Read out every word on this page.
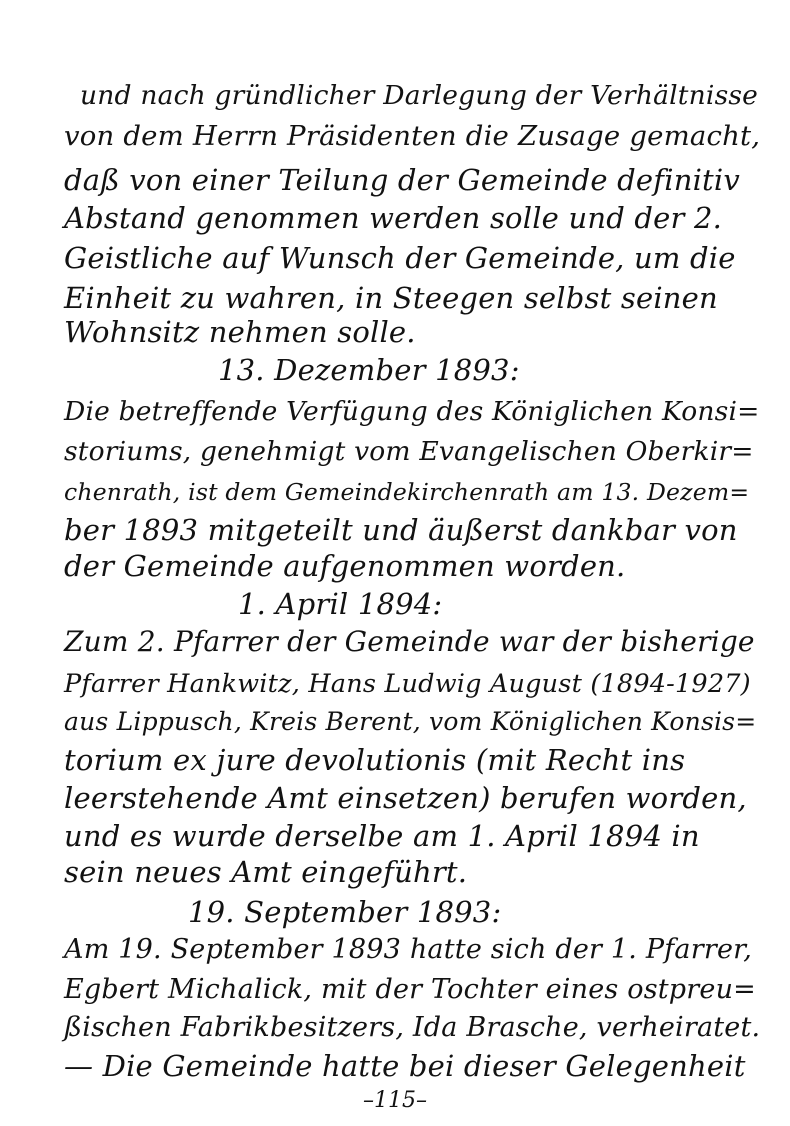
und nach gründlicher Darlegung der Verhältnisse
von dem Herrn Präsidenten die Zusage gemacht,
daß von einer Teilung der Gemeinde definitiv
Abstand genommen werden solle und der 2.
Geistliche auf Wunsch der Gemeinde, um die
Einheit zu wahren, in Steegen selbst seinen
Wohnsitz nehmen solle.
13. Dezember 1893:
Die betreffende Verfügung des Königlichen Konsi=
storiums, genehmigt vom Evangelischen Oberkir=
chenrath, ist dem Gemeindekirchenrath am 13. Dezem=
ber 1893 mitgeteilt und äußerst dankbar von
der Gemeinde aufgenommen worden.
1. April 1894:
Zum 2. Pfarrer der Gemeinde war der bisherige
Pfarrer Hankwitz, Hans Ludwig August (1894-1927)
aus Lippusch, Kreis Berent, vom Königlichen Konsis=
torium ex jure devolutionis (mit Recht ins
leerstehende Amt einsetzen) berufen worden,
und es wurde derselbe am 1. April 1894 in
sein neues Amt eingeführt.
19. September 1893:
Am 19. September 1893 hatte sich der 1. Pfarrer,
Egbert Michalick, mit der Tochter eines ostpreu=
ßischen Fabrikbesitzers, Ida Brasche, verheiratet.
— Die Gemeinde hatte bei dieser Gelegenheit
–115–
